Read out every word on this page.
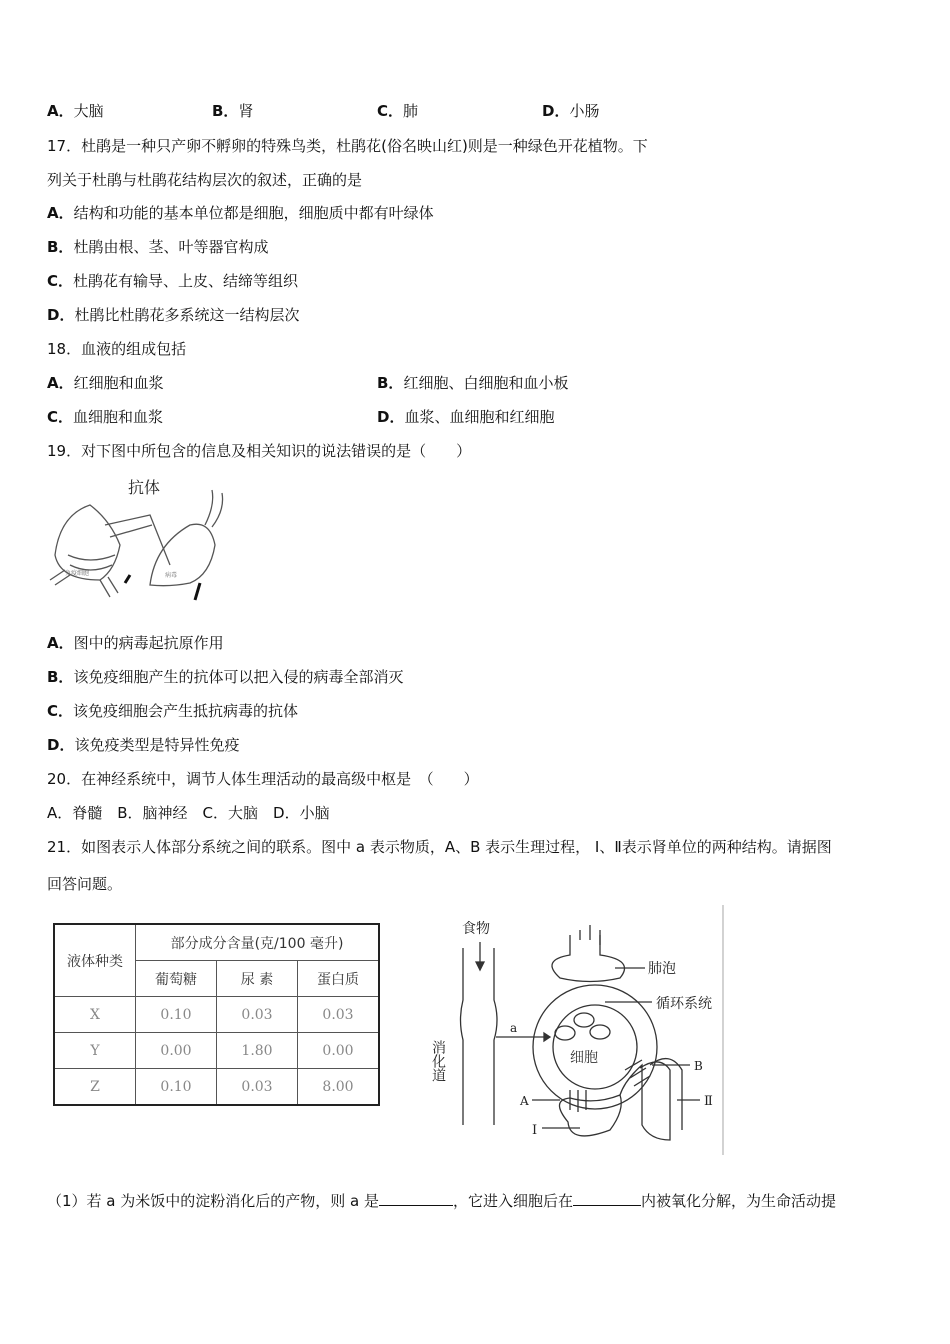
A．大脑	B．肾	C．肺	D．小肠
17．杜鹃是一种只产卵不孵卵的特殊鸟类，杜鹃花(俗名映山红)则是一种绿色开花植物。下
列关于杜鹃与杜鹃花结构层次的叙述，正确的是
A．结构和功能的基本单位都是细胞，细胞质中都有叶绿体
B．杜鹃由根、茎、叶等器官构成
C．杜鹃花有输导、上皮、结缔等组织
D．杜鹃比杜鹃花多系统这一结构层次
18．血液的组成包括
A．红细胞和血浆	B．红细胞、白细胞和血小板
C．血细胞和血浆	D．血浆、血细胞和红细胞
19．对下图中所包含的信息及相关知识的说法错误的是（　　）
抗体
免疫细胞	病毒
A．图中的病毒起抗原作用
B．该免疫细胞产生的抗体可以把入侵的病毒全部消灭
C．该免疫细胞会产生抵抗病毒的抗体
D．该免疫类型是特异性免疫
20．在神经系统中，调节人体生理活动的最高级中枢是　（　　）
A．脊髓　B．脑神经　C．大脑　D．小脑
21．如图表示人体部分系统之间的联系。图中 a 表示物质，A、B 表示生理过程， Ⅰ、Ⅱ表示肾单位的两种结构。请据图
回答问题。
液体种类	部分成分含量(克/100 毫升)		
	葡萄糖	尿 素	蛋白质
X	0.10	0.03	0.03
Y	0.00	1.80	0.00
Z	0.10	0.03	8.00
食物
消化道
a
肺泡
循环系统
细胞	B
Ⅱ
A
Ⅰ
（1）若 a 为米饭中的淀粉消化后的产物，则 a 是	，它进入细胞后在	内被氧化分解，为生命活动提
